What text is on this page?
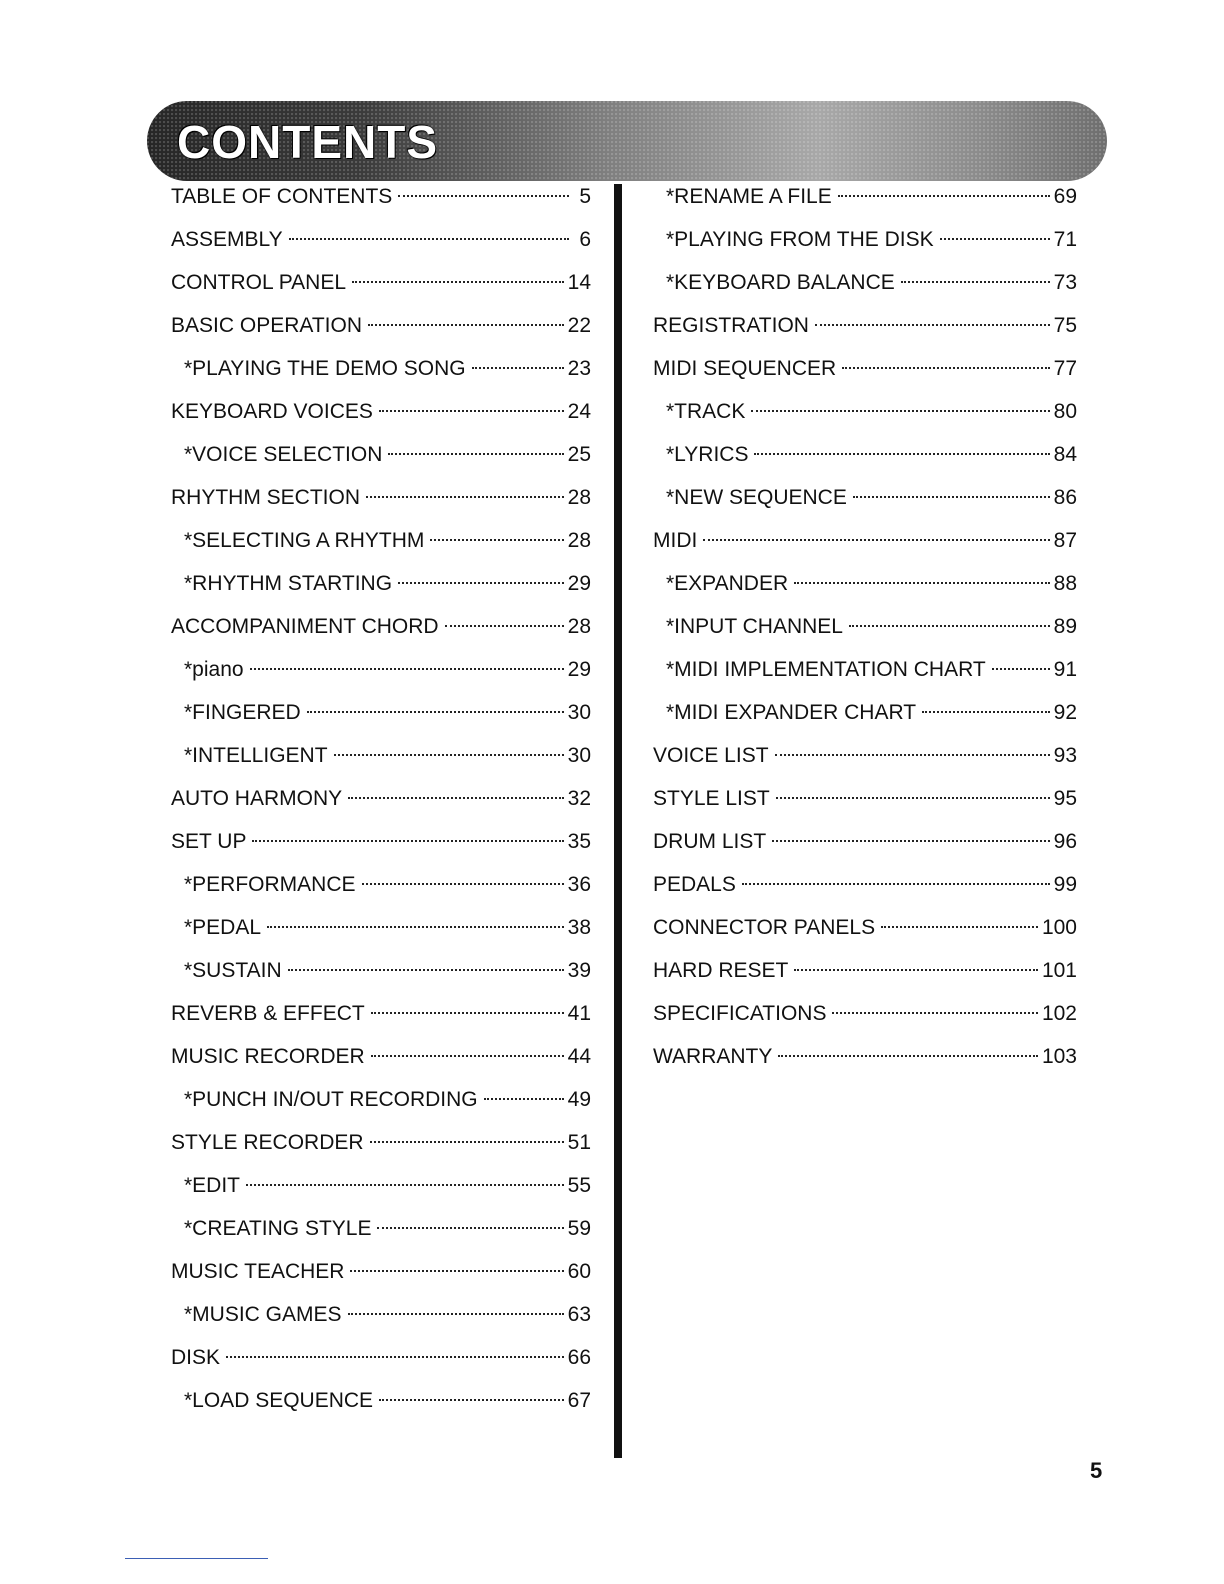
CONTENTS
TABLE OF CONTENTS	5
ASSEMBLY	6
CONTROL PANEL	14
BASIC OPERATION	22
*PLAYING THE DEMO SONG	23
KEYBOARD VOICES	24
*VOICE SELECTION	25
RHYTHM SECTION	28
*SELECTING A RHYTHM	28
*RHYTHM STARTING	29
ACCOMPANIMENT CHORD	28
*piano	29
*FINGERED	30
*INTELLIGENT	30
AUTO HARMONY	32
SET UP	35
*PERFORMANCE	36
*PEDAL	38
*SUSTAIN	39
REVERB & EFFECT	41
MUSIC RECORDER	44
*PUNCH IN/OUT RECORDING	49
STYLE RECORDER	51
*EDIT	55
*CREATING STYLE	59
MUSIC TEACHER	60
*MUSIC GAMES	63
DISK	66
*LOAD SEQUENCE	67
*RENAME A FILE	69
*PLAYING FROM THE DISK	71
*KEYBOARD BALANCE	73
REGISTRATION	75
MIDI SEQUENCER	77
*TRACK	80
*LYRICS	84
*NEW SEQUENCE	86
MIDI	87
*EXPANDER	88
*INPUT CHANNEL	89
*MIDI IMPLEMENTATION CHART	91
*MIDI EXPANDER CHART	92
VOICE LIST	93
STYLE LIST	95
DRUM LIST	96
PEDALS	99
CONNECTOR PANELS	100
HARD RESET	101
SPECIFICATIONS	102
WARRANTY	103
5
